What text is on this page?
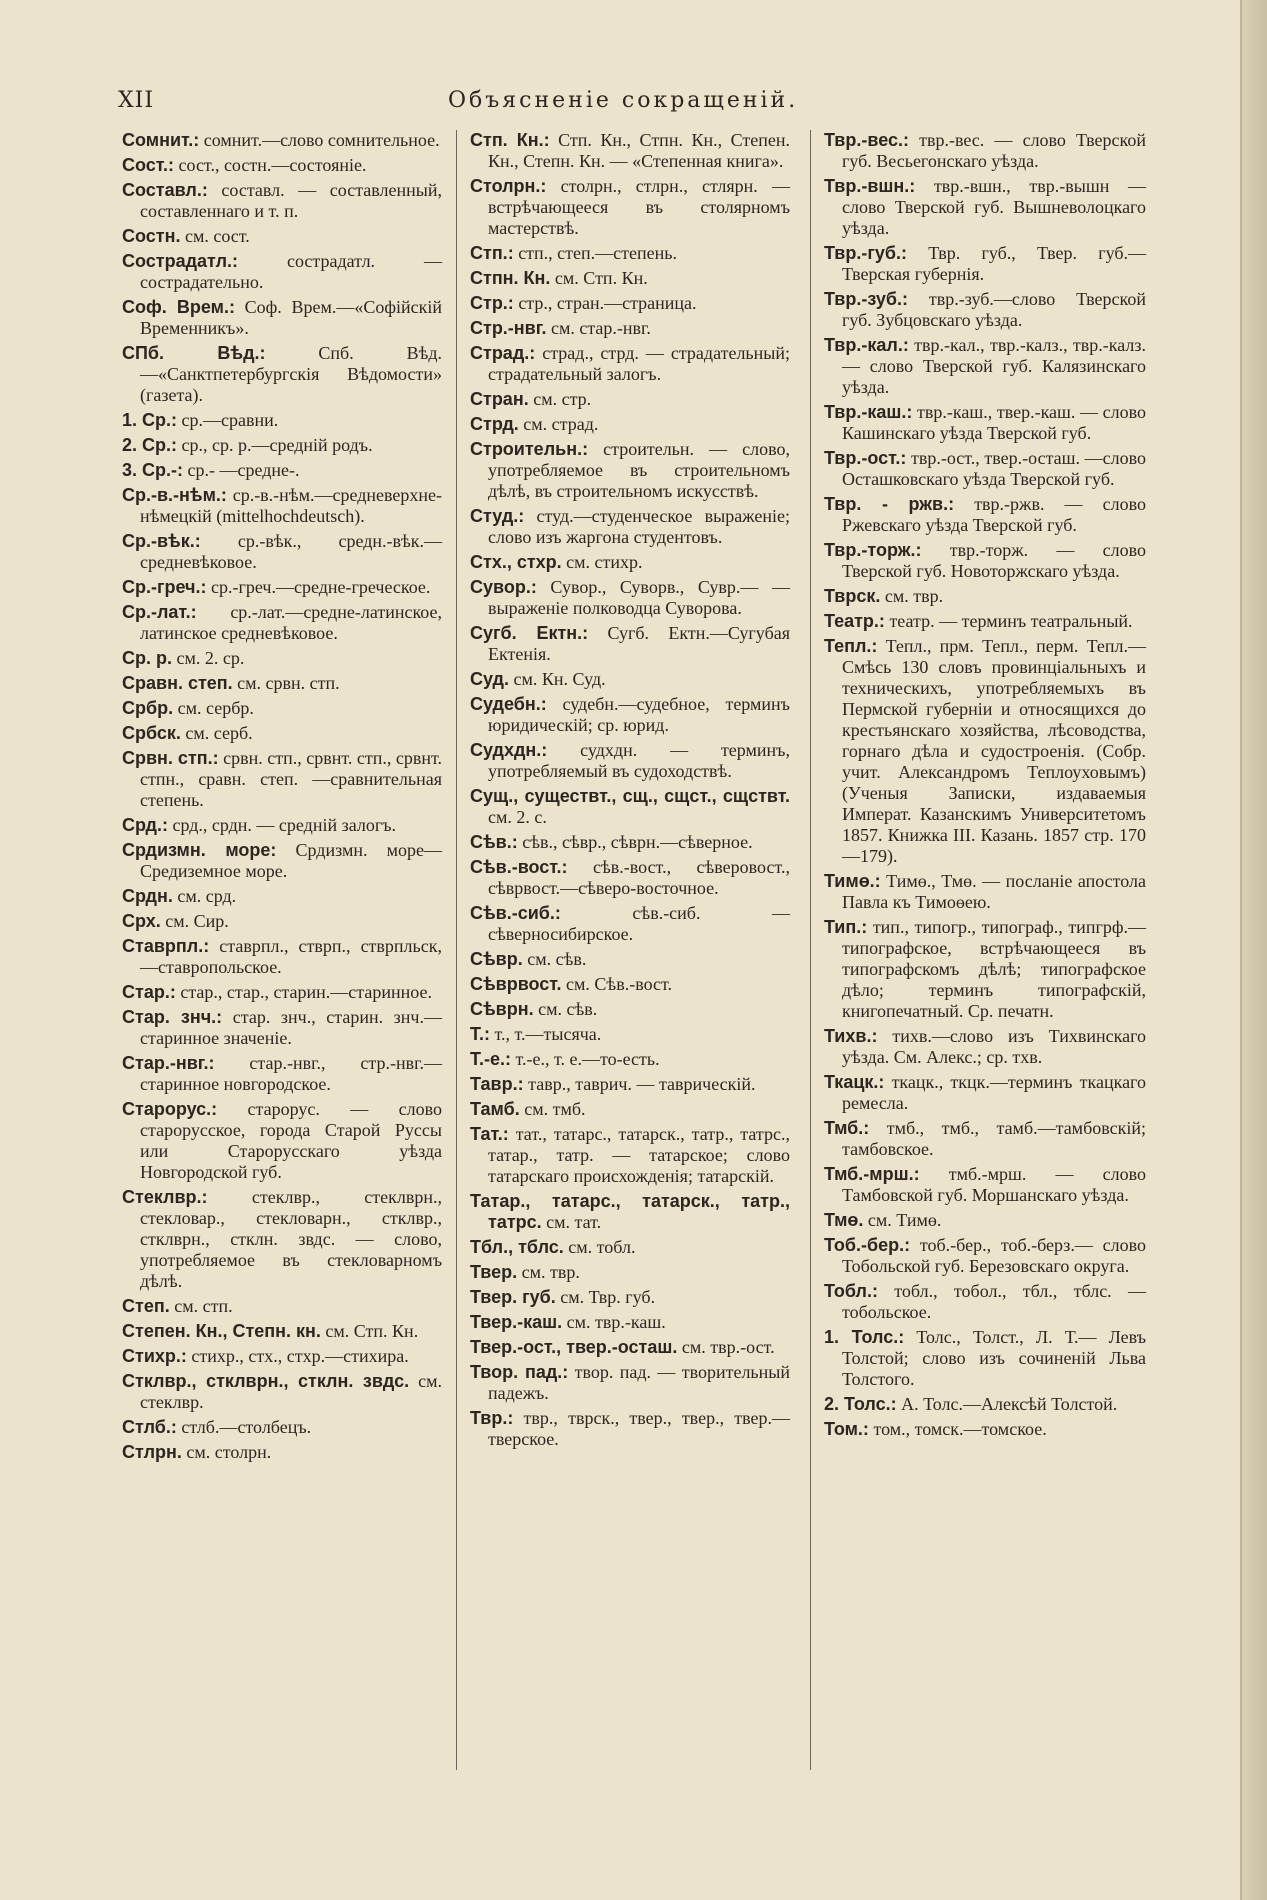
XII	Объясненіе сокращеній.

Сомнит.: сомнит.—слово сомнительное.

Сост.: сост., состн.—состояніе.

Составл.: составл. — составленный, составленнаго и т. п.

Состн. см. сост.

Сострадатл.: сострадатл. — сострадательно.

Соф. Врем.: Соф. Врем.—«Софійскій Временникъ».

СПб. Вѣд.: Спб. Вѣд.—«Санктпетербургскія Вѣдомости» (газета).

1. Ср.: ср.—сравни.

2. Ср.: ср., ср. р.—средній родъ.

3. Ср.-: ср.- —средне-.

Ср.-в.-нѣм.: ср.-в.-нѣм.—средневерхне-нѣмецкій (mittelhochdeutsch).

Ср.-вѣк.: ср.-вѣк., средн.-вѣк.—средневѣковое.

Ср.-греч.: ср.-греч.—средне-греческое.

Ср.-лат.: ср.-лат.—средне-латинское, латинское средневѣковое.

Ср. р. см. 2. ср.

Сравн. степ. см. срвн. стп.

Србр. см. сербр.

Србск. см. серб.

Срвн. стп.: срвн. стп., срвнт. стп., срвнт. стпн., сравн. степ. —сравнительная степень.

Срд.: срд., срдн. — средній залогъ.

Срдизмн. море: Срдизмн. море—Средиземное море.

Срдн. см. срд.

Срх. см. Сир.

Ставрпл.: ставрпл., стврп., стврпльск,—ставропольское.

Стар.: стар., стар., старин.—старинное.

Стар. знч.: стар. знч., старин. знч.—старинное значеніе.

Стар.-нвг.: стар.-нвг., стр.-нвг.—старинное новгородское.

Старорус.: старорус. — слово старорусское, города Старой Руссы или Старорусскаго уѣзда Новгородской губ.

Стеклвр.: стеклвр., стеклврн., стекловар., стекловарн., стклвр., стклврн., стклн. звдс. — слово, употребляемое въ стекловарномъ дѣлѣ.

Степ. см. стп.

Степен. Кн., Степн. кн. см. Стп. Кн.

Стихр.: стихр., стх., стхр.—стихира.

Стклвр., стклврн., стклн. звдс. см. стеклвр.

Стлб.: стлб.—столбецъ.

Стлрн. см. столрн.

Стп. Кн.: Стп. Кн., Стпн. Кн., Степен. Кн., Степн. Кн. — «Степенная книга».

Столрн.: столрн., стлрн., стлярн. —встрѣчающееся въ столярномъ мастерствѣ.

Стп.: стп., степ.—степень.

Стпн. Кн. см. Стп. Кн.

Стр.: стр., стран.—страница.

Стр.-нвг. см. стар.-нвг.

Страд.: страд., стрд. — страдательный; страдательный залогъ.

Стран. см. стр.

Стрд. см. страд.

Строительн.: строительн. — слово, употребляемое въ строительномъ дѣлѣ, въ строительномъ искусствѣ.

Студ.: студ.—студенческое выраженіе; слово изъ жаргона студентовъ.

Стх., стхр. см. стихр.

Сувор.: Сувор., Суворв., Сувр.— —выраженіе полководца Суворова.

Сугб. Ектн.: Сугб. Ектн.—Сугубая Ектенія.

Суд. см. Кн. Суд.

Судебн.: судебн.—судебное, терминъ юридическій; ср. юрид.

Судхдн.: судхдн. — терминъ, употребляемый въ судоходствѣ.

Сущ., существт., сщ., сщст., сщствт. см. 2. с.

Сѣв.: сѣв., сѣвр., сѣврн.—сѣверное.

Сѣв.-вост.: сѣв.-вост., сѣверовост., сѣврвост.—сѣверо-восточное.

Сѣв.-сиб.: сѣв.-сиб. — сѣверносибирское.

Сѣвр. см. сѣв.

Сѣврвост. см. Сѣв.-вост.

Сѣврн. см. сѣв.

Т.: т., т.—тысяча.

Т.-е.: т.-е., т. е.—то-есть.

Тавр.: тавр., таврич. — таврическій.

Тамб. см. тмб.

Тат.: тат., татарс., татарск., татр., татрс., татар., татр. — татарское; слово татарскаго происхожденія; татарскій.

Татар., татарс., татарск., татр., татрс. см. тат.

Тбл., тблс. см. тобл.

Твер. см. твр.

Твер. губ. см. Твр. губ.

Твер.-каш. см. твр.-каш.

Твер.-ост., твер.-осташ. см. твр.-ост.

Твор. пад.: твор. пад. — творительный падежъ.

Твр.: твр., тврск., твер., твер., твер.—тверское.

Твр.-вес.: твр.-вес. — слово Тверской губ. Весьегонскаго уѣзда.

Твр.-вшн.: твр.-вшн., твр.-вышн —слово Тверской губ. Вышневолоцкаго уѣзда.

Твр.-губ.: Твр. губ., Твер. губ.— Тверская губернія.

Твр.-зуб.: твр.-зуб.—слово Тверской губ. Зубцовскаго уѣзда.

Твр.-кал.: твр.-кал., твр.-калз., твр.-калз. — слово Тверской губ. Калязинскаго уѣзда.

Твр.-каш.: твр.-каш., твер.-каш. — слово Кашинскаго уѣзда Тверской губ.

Твр.-ост.: твр.-ост., твер.-осташ. —слово Осташковскаго уѣзда Тверской губ.

Твр. - ржв.: твр.-ржв. — слово Ржевскаго уѣзда Тверской губ.

Твр.-торж.: твр.-торж. — слово Тверской губ. Новоторжскаго уѣзда.

Тврск. см. твр.

Театр.: театр. — терминъ театральный.

Тепл.: Тепл., прм. Тепл., перм. Тепл.—Смѣсь 130 словъ провинціальныхъ и техническихъ, употребляемыхъ въ Пермской губерніи и относящихся до крестьянскаго хозяйства, лѣсоводства, горнаго дѣла и судостроенія. (Собр. учит. Александромъ Теплоуховымъ) (Ученыя Записки, издаваемыя Императ. Казанскимъ Университетомъ 1857. Книжка III. Казань. 1857 стр. 170—179).

Тимө.: Тимө., Тмө. — посланіе апостола Павла къ Тимоөею.

Тип.: тип., типогр., типограф., типгрф.—типографское, встрѣчающееся въ типографскомъ дѣлѣ; типографское дѣло; терминъ типографскій, книгопечатный. Ср. печатн.

Тихв.: тихв.—слово изъ Тихвинскаго уѣзда. См. Алекс.; ср. тхв.

Ткацк.: ткацк., ткцк.—терминъ ткацкаго ремесла.

Тмб.: тмб., тмб., тамб.—тамбовскій; тамбовское.

Тмб.-мрш.: тмб.-мрш. — слово Тамбовской губ. Моршанскаго уѣзда.

Тмө. см. Тимө.

Тоб.-бер.: тоб.-бер., тоб.-берз.— слово Тобольской губ. Березовскаго округа.

Тобл.: тобл., тобол., тбл., тблс. —тобольское.

1. Толс.: Толс., Толст., Л. Т.— Левъ Толстой; слово изъ сочиненій Льва Толстого.

2. Толс.: А. Толс.—Алексѣй Толстой.

Том.: том., томск.—томское.
